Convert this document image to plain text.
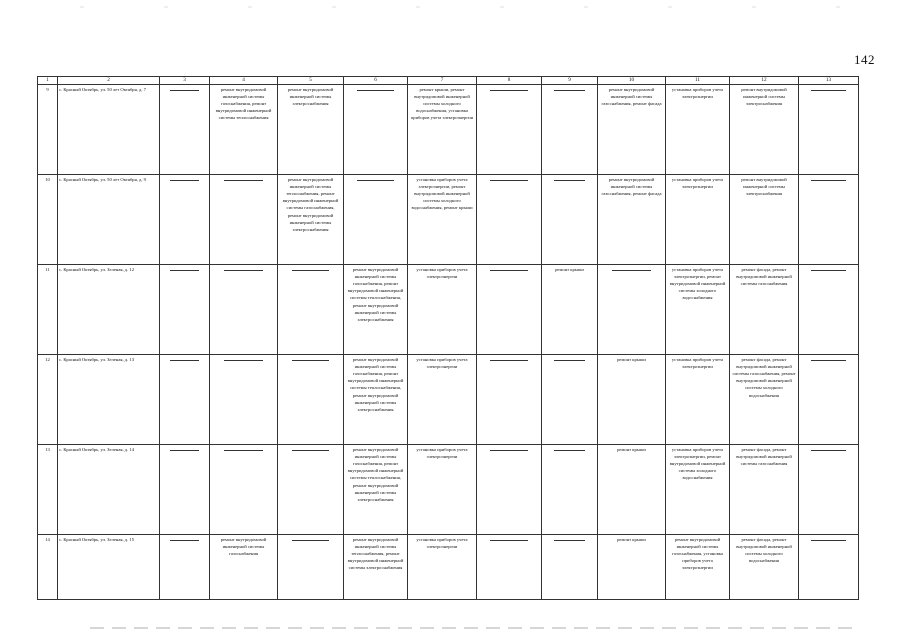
142
1	2	3	4	5	6	7	8	9	10	11	12	13
9	с. Красный Октябрь, ул. 50 лет Октября, д. 7		ремонт внутридомовой инженерной системы газоснабжения, ремонт внутридомовой инженерной системы теплоснабжения	ремонт внутридомовой инженерной системы электроснабжения		ремонт крыши, ремонт внутридомовой инженерной системы холодного водоснабжения, установка приборов учета электроэнергии			ремонт внутридомовой инженерной системы газоснабжения, ремонт фасада	установка приборов учета электроэнергии	ремонт внутридомовой инженерной системы электроснабжения	

10	с. Красный Октябрь, ул. 50 лет Октября, д. 9			ремонт внутридомовой инженерной системы теплоснабжения, ремонт внутридомовой инженерной системы газоснабжения, ремонт внутридомовой инженерной системы электроснабжения		установка приборов учета электроэнергии, ремонт внутридомовой инженерной системы холодного водоснабжения, ремонт крыши			ремонт внутридомовой инженерной системы газоснабжения, ремонт фасада	установка приборов учета электроэнергии	ремонт внутридомовой инженерной системы электроснабжения	

11	с. Красный Октябрь, ул. Зеленая, д. 12				ремонт внутридомовой инженерной системы газоснабжения, ремонт внутридомовой инженерной системы теплоснабжения, ремонт внутридомовой инженерной системы электроснабжения	установка приборов учета электроэнергии		ремонт крыши		установка приборов учета электроэнергии, ремонт внутридомовой инженерной системы холодного водоснабжения	ремонт фасада, ремонт внутридомовой инженерной системы газоснабжения	

12	с. Красный Октябрь, ул. Зеленая, д. 13				ремонт внутридомовой инженерной системы газоснабжения, ремонт внутридомовой инженерной системы теплоснабжения, ремонт внутридомовой инженерной системы электроснабжения	установка приборов учета электроэнергии			ремонт крыши	установка приборов учета электроэнергии	ремонт фасада, ремонт внутридомовой инженерной системы газоснабжения, ремонт внутридомовой инженерной системы холодного водоснабжения	

13	с. Красный Октябрь, ул. Зеленая, д. 14				ремонт внутридомовой инженерной системы газоснабжения, ремонт внутридомовой инженерной системы теплоснабжения, ремонт внутридомовой инженерной системы электроснабжения	установка приборов учета электроэнергии			ремонт крыши	установка приборов учета электроэнергии, ремонт внутридомовой инженерной системы холодного водоснабжения	ремонт фасада, ремонт внутридомовой инженерной системы газоснабжения	

14	с. Красный Октябрь, ул. Зеленая, д. 15		ремонт внутридомовой инженерной системы газоснабжения		ремонт внутридомовой инженерной системы теплоснабжения, ремонт внутридомовой инженерной системы электроснабжения	установка приборов учета электроэнергии			ремонт крыши	ремонт внутридомовой инженерной системы газоснабжения, установка приборов учета электроэнергии	ремонт фасада, ремонт внутридомовой инженерной системы холодного водоснабжения	
